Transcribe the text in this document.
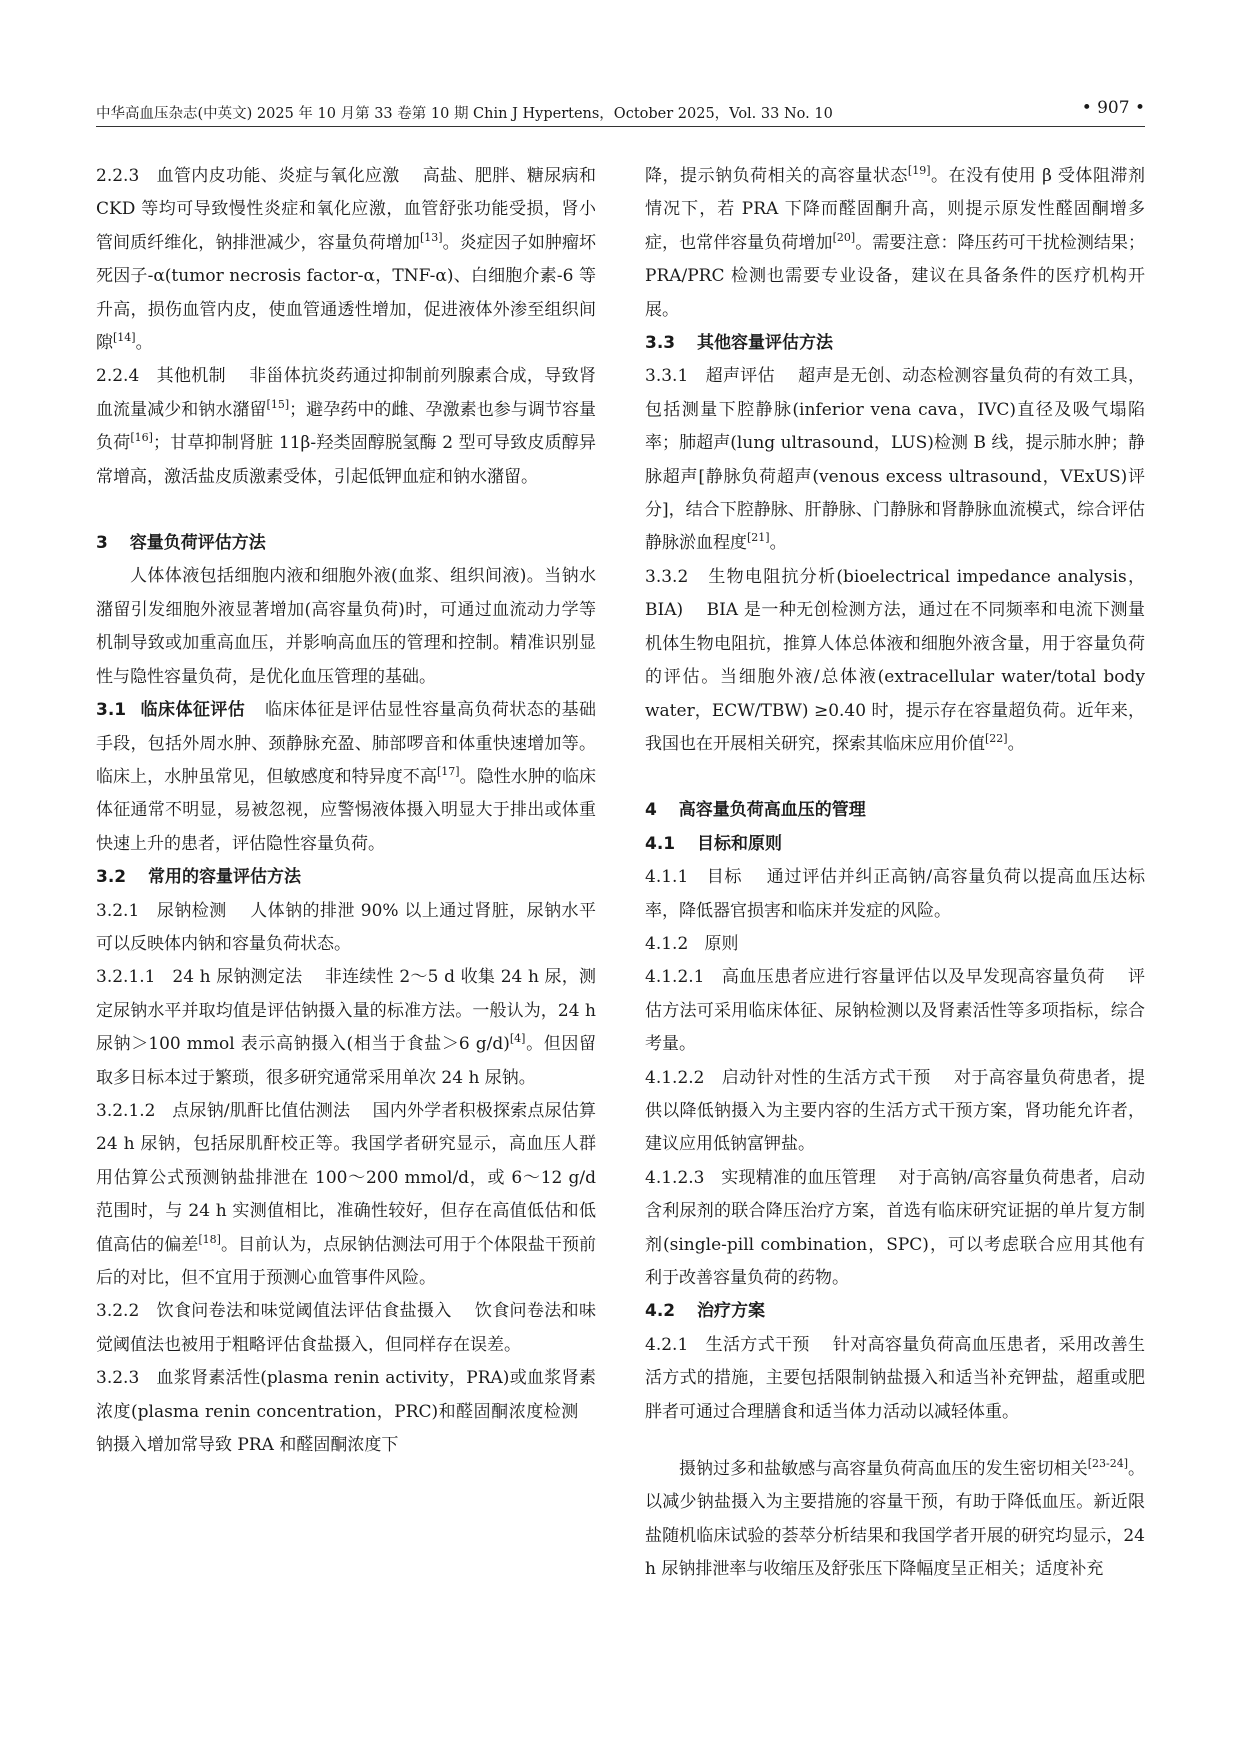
中华高血压杂志(中英文) 2025 年 10 月第 33 卷第 10 期 Chin J Hypertens，October 2025，Vol. 33 No. 10	• 907 •

2.2.3 血管内皮功能、炎症与氧化应激 高盐、肥胖、糖尿病和 CKD 等均可导致慢性炎症和氧化应激，血管舒张功能受损，肾小管间质纤维化，钠排泄减少，容量负荷增加[13]。炎症因子如肿瘤坏死因子-α(tumor necrosis factor-α，TNF-α)、白细胞介素-6 等升高，损伤血管内皮，使血管通透性增加，促进液体外渗至组织间隙[14]。

2.2.4 其他机制 非甾体抗炎药通过抑制前列腺素合成，导致肾血流量减少和钠水潴留[15]；避孕药中的雌、孕激素也参与调节容量负荷[16]；甘草抑制肾脏 11β-羟类固醇脱氢酶 2 型可导致皮质醇异常增高，激活盐皮质激素受体，引起低钾血症和钠水潴留。

3 容量负荷评估方法

人体体液包括细胞内液和细胞外液(血浆、组织间液)。当钠水潴留引发细胞外液显著增加(高容量负荷)时，可通过血流动力学等机制导致或加重高血压，并影响高血压的管理和控制。精准识别显性与隐性容量负荷，是优化血压管理的基础。

3.1 临床体征评估 临床体征是评估显性容量高负荷状态的基础手段，包括外周水肿、颈静脉充盈、肺部啰音和体重快速增加等。临床上，水肿虽常见，但敏感度和特异度不高[17]。隐性水肿的临床体征通常不明显，易被忽视，应警惕液体摄入明显大于排出或体重快速上升的患者，评估隐性容量负荷。

3.2 常用的容量评估方法

3.2.1 尿钠检测 人体钠的排泄 90% 以上通过肾脏，尿钠水平可以反映体内钠和容量负荷状态。

3.2.1.1 24 h 尿钠测定法 非连续性 2～5 d 收集 24 h 尿，测定尿钠水平并取均值是评估钠摄入量的标准方法。一般认为，24 h 尿钠＞100 mmol 表示高钠摄入(相当于食盐＞6 g/d)[4]。但因留取多日标本过于繁琐，很多研究通常采用单次 24 h 尿钠。

3.2.1.2 点尿钠/肌酐比值估测法 国内外学者积极探索点尿估算 24 h 尿钠，包括尿肌酐校正等。我国学者研究显示，高血压人群用估算公式预测钠盐排泄在 100～200 mmol/d，或 6～12 g/d 范围时，与 24 h 实测值相比，准确性较好，但存在高值低估和低值高估的偏差[18]。目前认为，点尿钠估测法可用于个体限盐干预前后的对比，但不宜用于预测心血管事件风险。

3.2.2 饮食问卷法和味觉阈值法评估食盐摄入 饮食问卷法和味觉阈值法也被用于粗略评估食盐摄入，但同样存在误差。

3.2.3 血浆肾素活性(plasma renin activity，PRA)或血浆肾素浓度(plasma renin concentration，PRC)和醛固酮浓度检测    钠摄入增加常导致 PRA 和醛固酮浓度下

降，提示钠负荷相关的高容量状态[19]。在没有使用 β 受体阻滞剂情况下，若 PRA 下降而醛固酮升高，则提示原发性醛固酮增多症，也常伴容量负荷增加[20]。需要注意：降压药可干扰检测结果；PRA/PRC 检测也需要专业设备，建议在具备条件的医疗机构开展。

3.3 其他容量评估方法

3.3.1 超声评估 超声是无创、动态检测容量负荷的有效工具，包括测量下腔静脉(inferior vena cava，IVC)直径及吸气塌陷率；肺超声(lung ultrasound，LUS)检测 B 线，提示肺水肿；静脉超声[静脉负荷超声(venous excess ultrasound，VExUS)评分]，结合下腔静脉、肝静脉、门静脉和肾静脉血流模式，综合评估静脉淤血程度[21]。

3.3.2 生物电阻抗分析(bioelectrical impedance analysis，BIA) BIA 是一种无创检测方法，通过在不同频率和电流下测量机体生物电阻抗，推算人体总体液和细胞外液含量，用于容量负荷的评估。当细胞外液/总体液(extracellular water/total body water，ECW/TBW) ≥0.40 时，提示存在容量超负荷。近年来，我国也在开展相关研究，探索其临床应用价值[22]。

4 高容量负荷高血压的管理

4.1 目标和原则

4.1.1 目标 通过评估并纠正高钠/高容量负荷以提高血压达标率，降低器官损害和临床并发症的风险。

4.1.2 原则

4.1.2.1 高血压患者应进行容量评估以及早发现高容量负荷 评估方法可采用临床体征、尿钠检测以及肾素活性等多项指标，综合考量。

4.1.2.2 启动针对性的生活方式干预 对于高容量负荷患者，提供以降低钠摄入为主要内容的生活方式干预方案，肾功能允许者，建议应用低钠富钾盐。

4.1.2.3 实现精准的血压管理 对于高钠/高容量负荷患者，启动含利尿剂的联合降压治疗方案，首选有临床研究证据的单片复方制剂(single-pill combination，SPC)，可以考虑联合应用其他有利于改善容量负荷的药物。

4.2 治疗方案

4.2.1 生活方式干预 针对高容量负荷高血压患者，采用改善生活方式的措施，主要包括限制钠盐摄入和适当补充钾盐，超重或肥胖者可通过合理膳食和适当体力活动以减轻体重。

摄钠过多和盐敏感与高容量负荷高血压的发生密切相关[23-24]。以减少钠盐摄入为主要措施的容量干预，有助于降低血压。新近限盐随机临床试验的荟萃分析结果和我国学者开展的研究均显示，24 h 尿钠排泄率与收缩压及舒张压下降幅度呈正相关；适度补充
